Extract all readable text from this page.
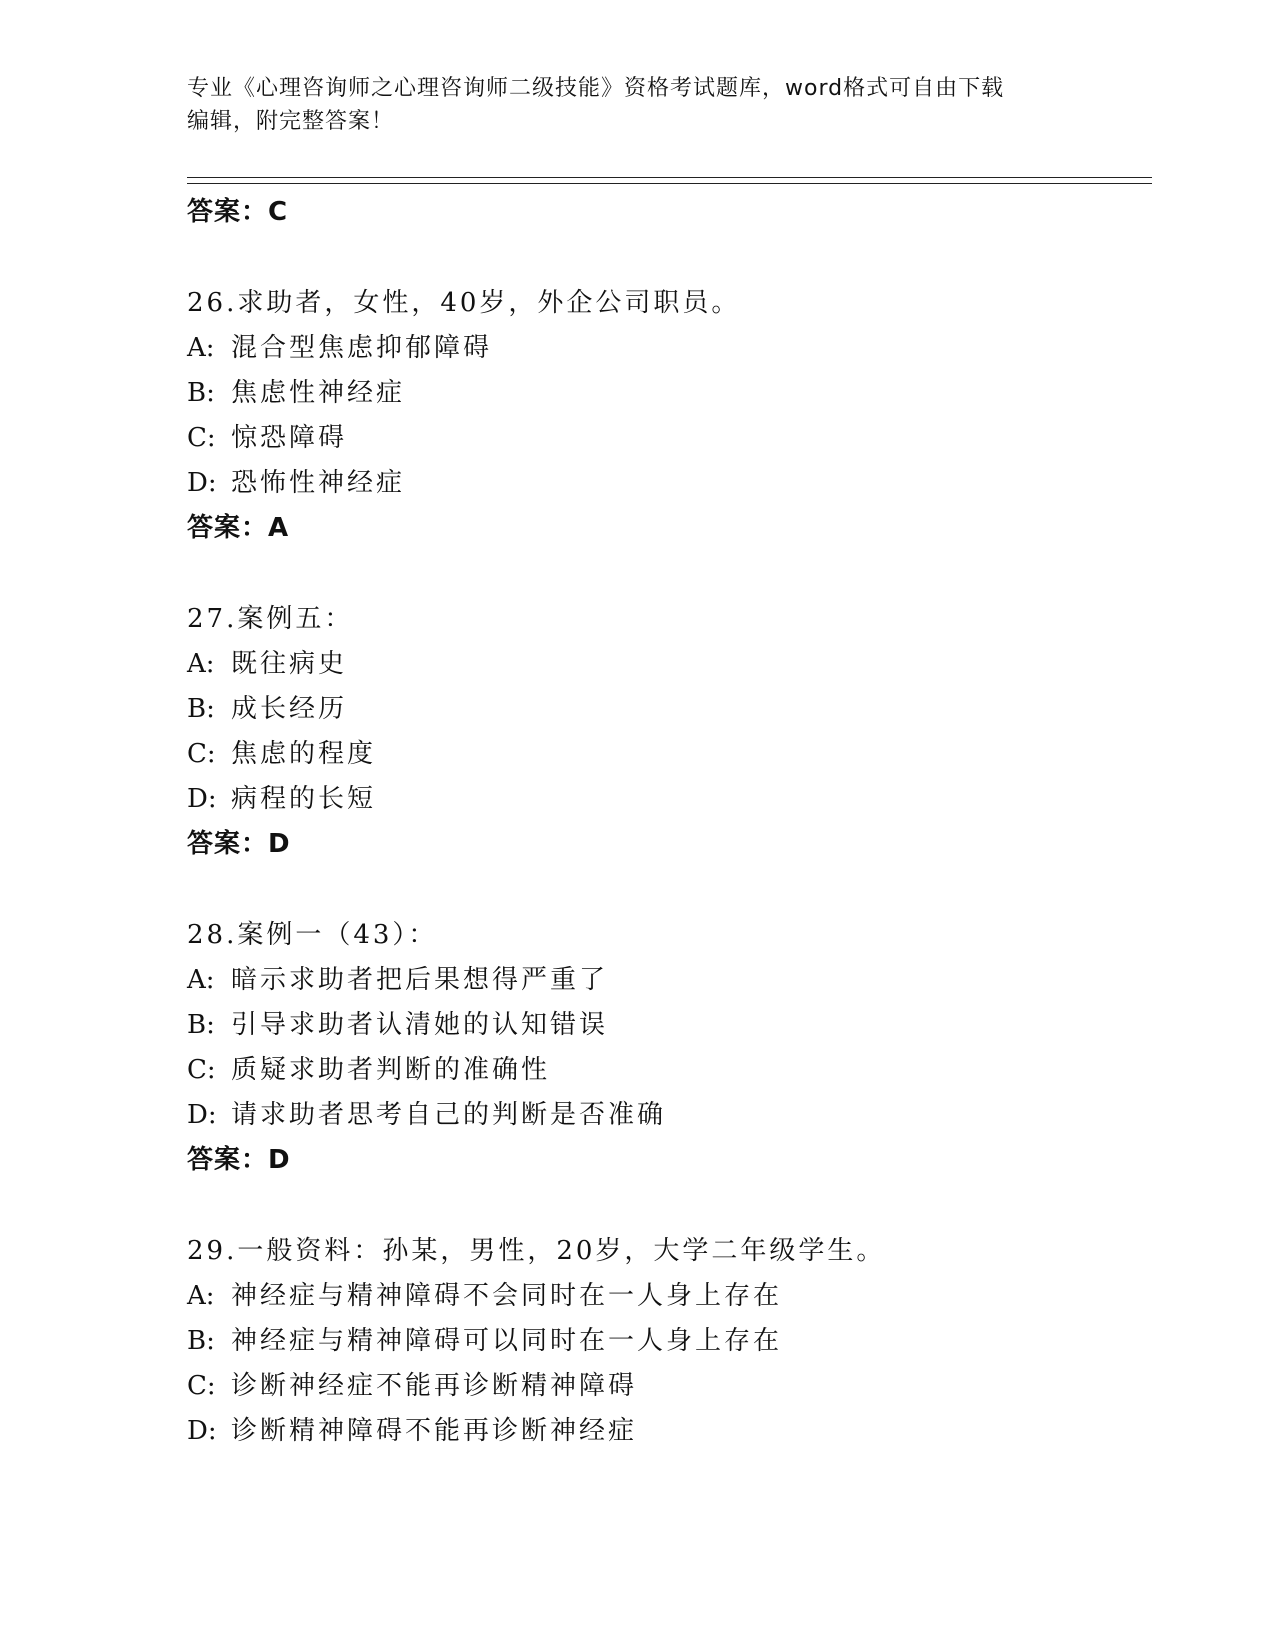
专业《心理咨询师之心理咨询师二级技能》资格考试题库，word格式可自由下载
编辑，附完整答案！
答案：C
26.求助者，女性，40岁，外企公司职员。
A: 混合型焦虑抑郁障碍
B: 焦虑性神经症
C: 惊恐障碍
D: 恐怖性神经症
答案：A
27.案例五：
A: 既往病史
B: 成长经历
C: 焦虑的程度
D: 病程的长短
答案：D
28.案例一（43）：
A: 暗示求助者把后果想得严重了
B: 引导求助者认清她的认知错误
C: 质疑求助者判断的准确性
D: 请求助者思考自己的判断是否准确
答案：D
29.一般资料：孙某，男性，20岁，大学二年级学生。
A: 神经症与精神障碍不会同时在一人身上存在
B: 神经症与精神障碍可以同时在一人身上存在
C: 诊断神经症不能再诊断精神障碍
D: 诊断精神障碍不能再诊断神经症
